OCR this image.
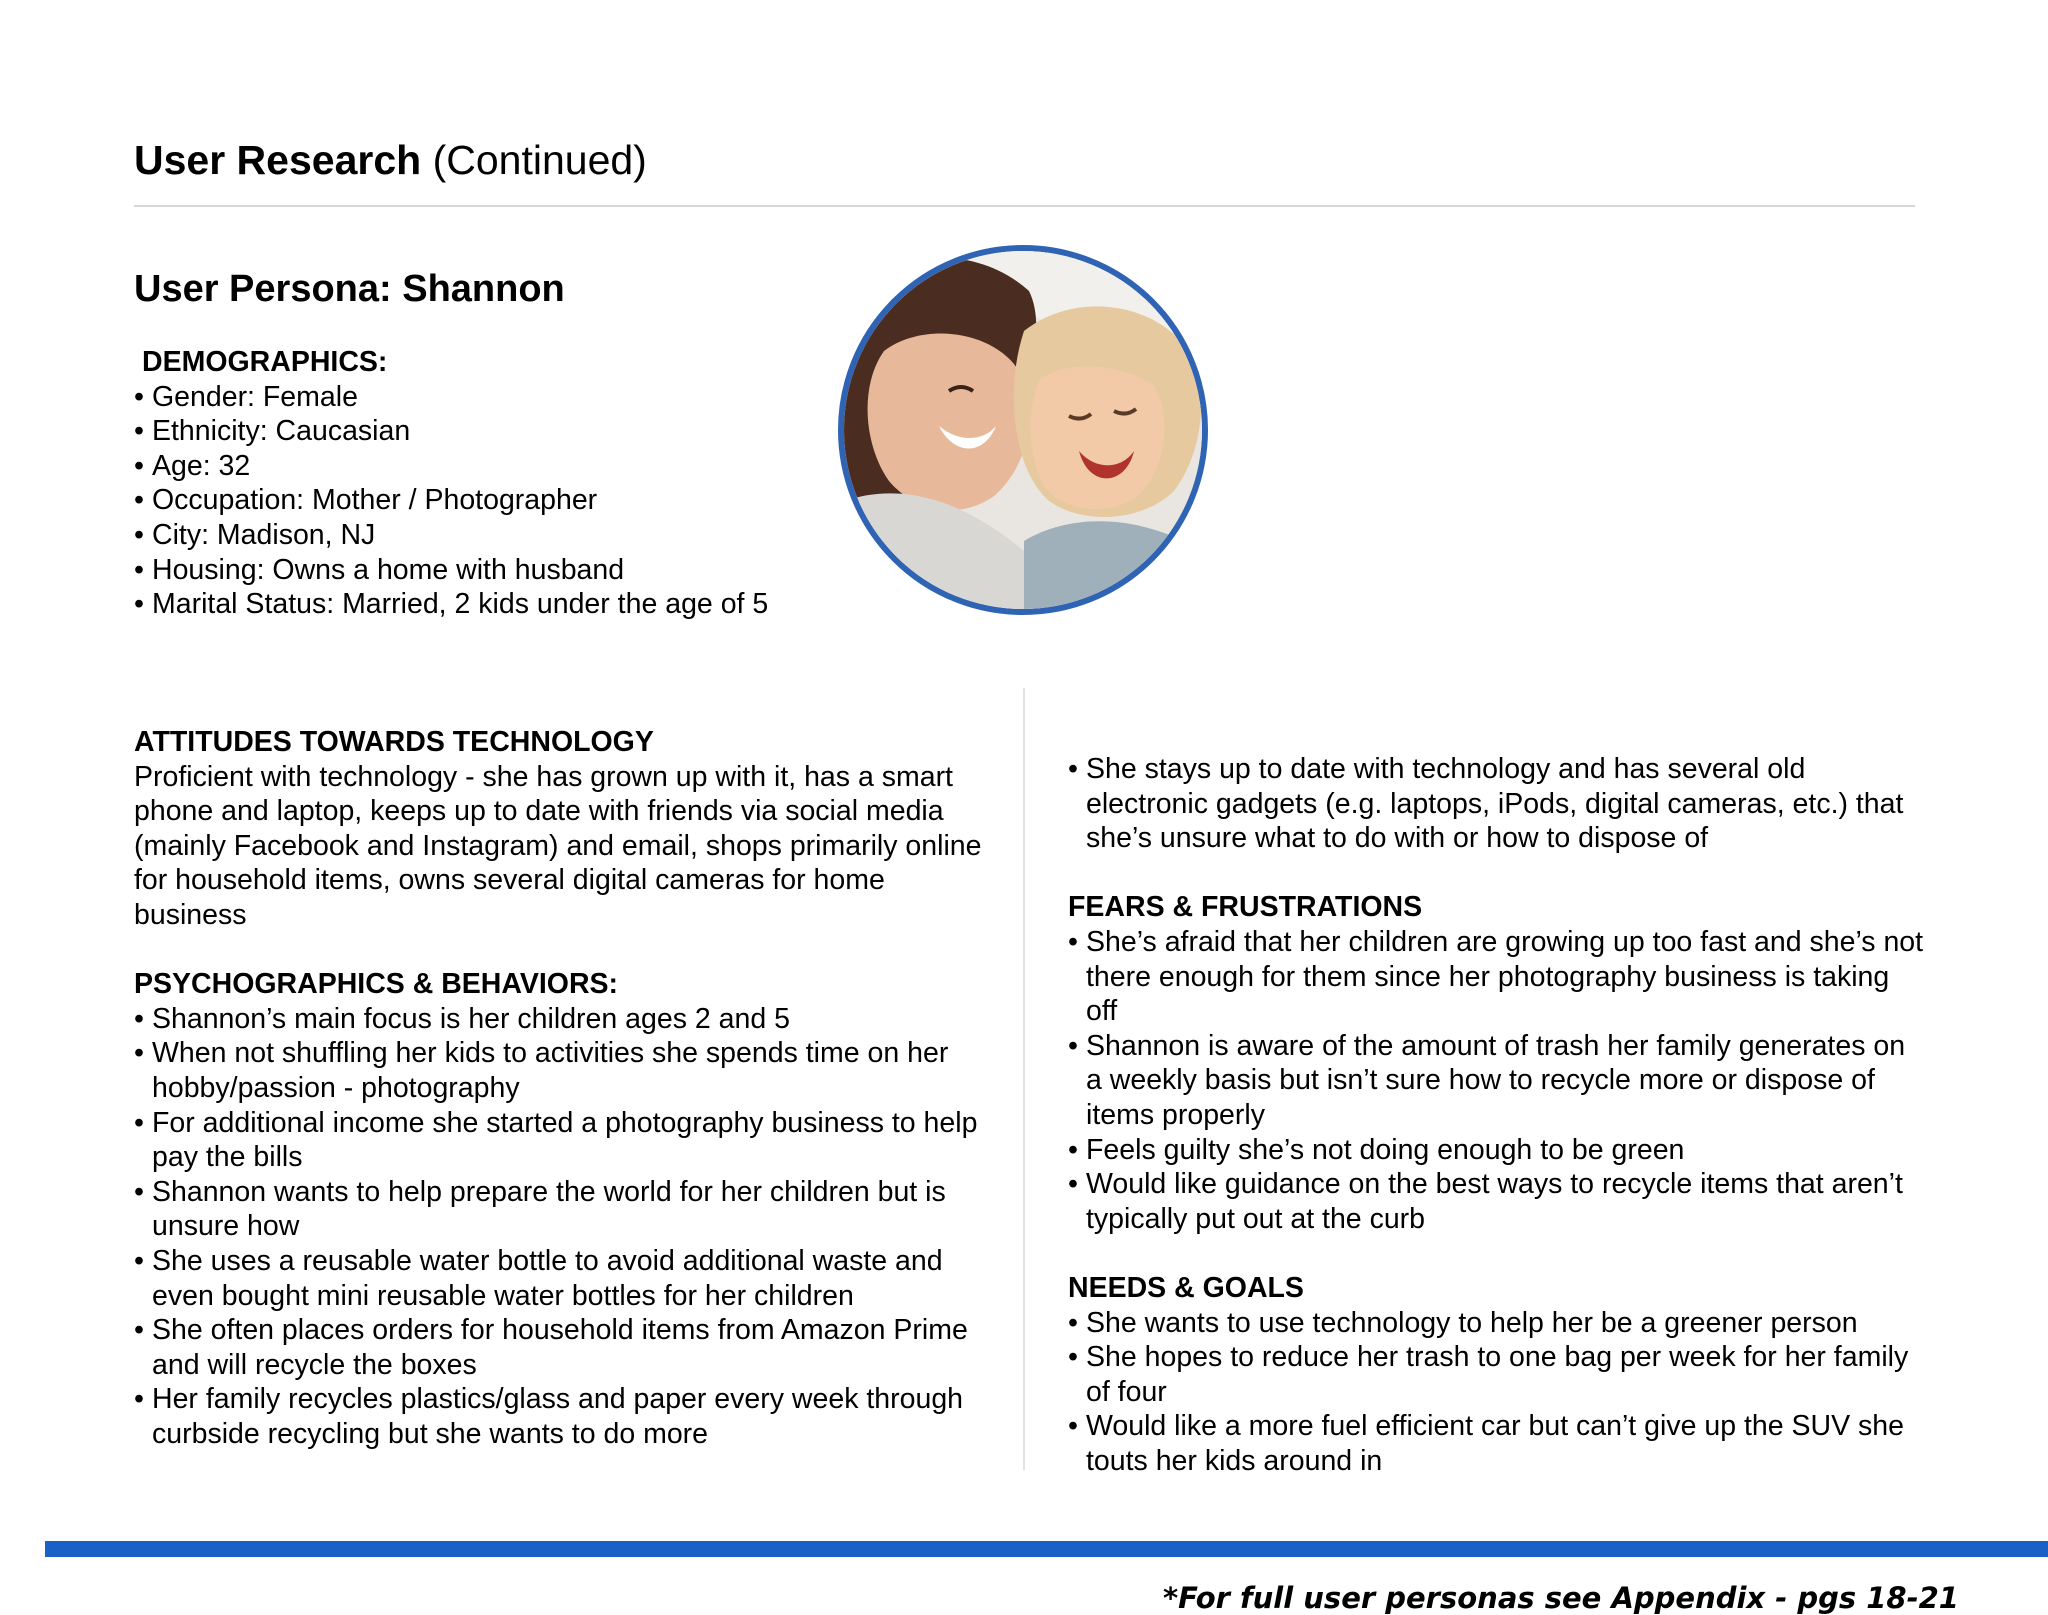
User Research (Continued)
User Persona: Shannon
DEMOGRAPHICS:
• Gender: Female
• Ethnicity: Caucasian
• Age: 32
• Occupation: Mother / Photographer
• City: Madison, NJ
• Housing: Owns a home with husband
• Marital Status: Married, 2 kids under the age of 5
ATTITUDES TOWARDS TECHNOLOGY

Proficient with technology - she has grown up with it, has a smart phone and laptop, keeps up to date with friends via social media (mainly Facebook and Instagram) and email, shops primarily online for household items, owns several digital cameras for home business

PSYCHOGRAPHICS & BEHAVIORS:
• Shannon’s main focus is her children ages 2 and 5
• When not shuffling her kids to activities she spends time on her hobby/passion - photography
• For additional income she started a photography business to help pay the bills
• Shannon wants to help prepare the world for her children but is unsure how
• She uses a reusable water bottle to avoid additional waste and even bought mini reusable water bottles for her children
• She often places orders for household items from Amazon Prime and will recycle the boxes
• Her family recycles plastics/glass and paper every week through curbside recycling but she wants to do more
• She stays up to date with technology and has several old electronic gadgets (e.g. laptops, iPods, digital cameras, etc.) that she’s unsure what to do with or how to dispose of
FEARS & FRUSTRATIONS
• She’s afraid that her children are growing up too fast and she’s not there enough for them since her photography business is taking off
• Shannon is aware of the amount of trash her family generates on a weekly basis but isn’t sure how to recycle more or dispose of items properly
• Feels guilty she’s not doing enough to be green
• Would like guidance on the best ways to recycle items that aren’t typically put out at the curb
NEEDS & GOALS
• She wants to use technology to help her be a greener person
• She hopes to reduce her trash to one bag per week for her family of four
• Would like a more fuel efficient car but can’t give up the SUV she touts her kids around in
*For full user personas see Appendix - pgs 18-21
